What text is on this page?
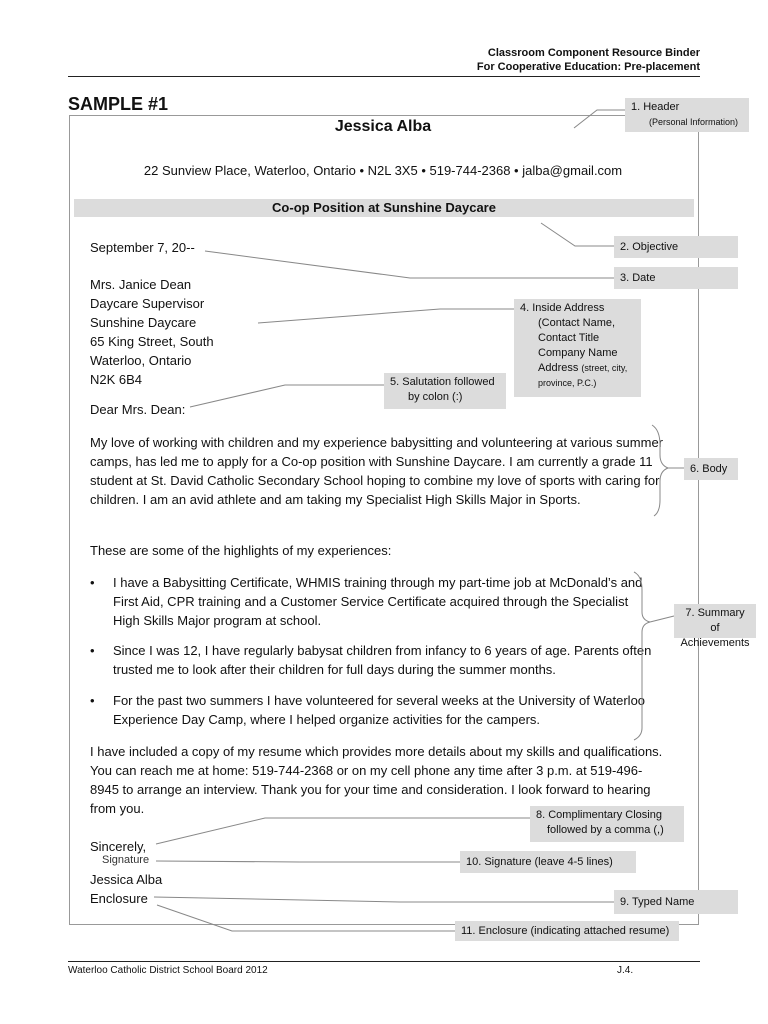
Classroom Component Resource Binder
For Cooperative Education: Pre-placement
SAMPLE #1
Jessica Alba
22 Sunview Place, Waterloo, Ontario • N2L 3X5 • 519-744-2368 • jalba@gmail.com
Co-op Position at Sunshine Daycare
September 7, 20--
Mrs. Janice Dean
Daycare Supervisor
Sunshine Daycare
65 King Street, South
Waterloo, Ontario
N2K 6B4
Dear Mrs. Dean:
My love of working with children and my experience babysitting and volunteering at various summer camps, has led me to apply for a Co-op position with Sunshine Daycare. I am currently a grade 11 student at St. David Catholic Secondary School hoping to combine my love of sports with caring for children. I am an avid athlete and am taking my Specialist High Skills Major in Sports.
These are some of the highlights of my experiences:
• I have a Babysitting Certificate, WHMIS training through my part-time job at McDonald’s and First Aid, CPR training and a Customer Service Certificate acquired through the Specialist High Skills Major program at school.
• Since I was 12, I have regularly babysat children from infancy to 6 years of age. Parents often trusted me to look after their children for full days during the summer months.
• For the past two summers I have volunteered for several weeks at the University of Waterloo Experience Day Camp, where I helped organize activities for the campers.
I have included a copy of my resume which provides more details about my skills and qualifications. You can reach me at home: 519-744-2368 or on my cell phone any time after 3 p.m. at 519-496-8945 to arrange an interview. Thank you for your time and consideration. I look forward to hearing from you.
Sincerely,
Signature
Jessica Alba
Enclosure
1. Header
(Personal Information)
2. Objective
3. Date
4. Inside Address
(Contact Name,
Contact Title
Company Name
Address (street, city,
province, P.C.)
5. Salutation followed
by colon (:)
6. Body
7. Summary of
Achievements
8. Complimentary Closing
followed by a comma (,)
10. Signature (leave 4-5 lines)
9. Typed Name
11. Enclosure (indicating attached resume)
Waterloo Catholic District School Board 2012	J.4.
